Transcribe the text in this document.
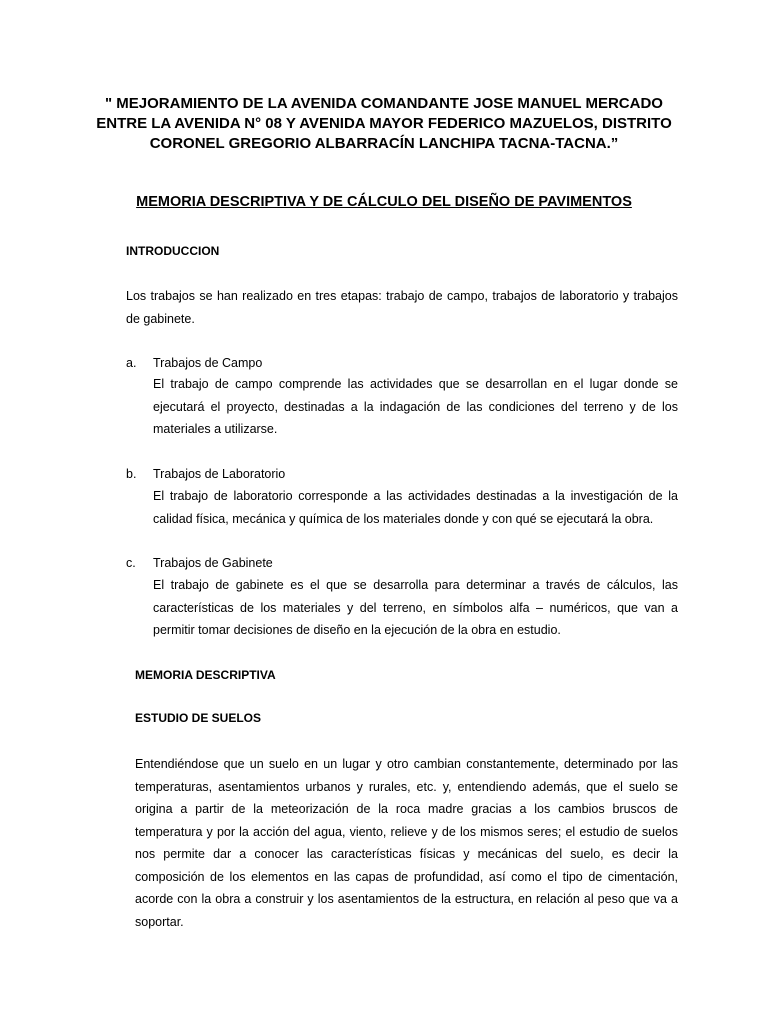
" MEJORAMIENTO DE LA AVENIDA COMANDANTE JOSE MANUEL MERCADO
ENTRE LA AVENIDA N° 08 Y AVENIDA MAYOR FEDERICO MAZUELOS, DISTRITO
CORONEL GREGORIO ALBARRACÍN LANCHIPA TACNA-TACNA.”
MEMORIA DESCRIPTIVA Y DE CÁLCULO DEL DISEÑO DE PAVIMENTOS
INTRODUCCION
Los trabajos se han realizado en tres etapas: trabajo de campo, trabajos de laboratorio y trabajos de gabinete.
a. Trabajos de Campo
El trabajo de campo comprende las actividades que se desarrollan en el lugar donde se ejecutará el proyecto, destinadas a la indagación de las condiciones del terreno y de los materiales a utilizarse.
b. Trabajos de Laboratorio
El trabajo de laboratorio corresponde a las actividades destinadas a la investigación de la calidad física, mecánica y química de los materiales donde y con qué se ejecutará la obra.
c. Trabajos de Gabinete
El trabajo de gabinete es el que se desarrolla para determinar a través de cálculos, las características de los materiales y del terreno, en símbolos alfa – numéricos, que van a permitir tomar decisiones de diseño en la ejecución de la obra en estudio.
MEMORIA DESCRIPTIVA
ESTUDIO DE SUELOS
Entendiéndose que un suelo en un lugar y otro cambian constantemente, determinado por las temperaturas, asentamientos urbanos y rurales, etc. y, entendiendo además, que el suelo se origina a partir de la meteorización de la roca madre gracias a los cambios bruscos de temperatura y por la acción del agua, viento, relieve y de los mismos seres; el estudio de suelos nos permite dar a conocer las características físicas y mecánicas del suelo, es decir la composición de los elementos en las capas de profundidad, así como el tipo de cimentación, acorde con la obra a construir y los asentamientos de la estructura, en relación al peso que va a soportar.
